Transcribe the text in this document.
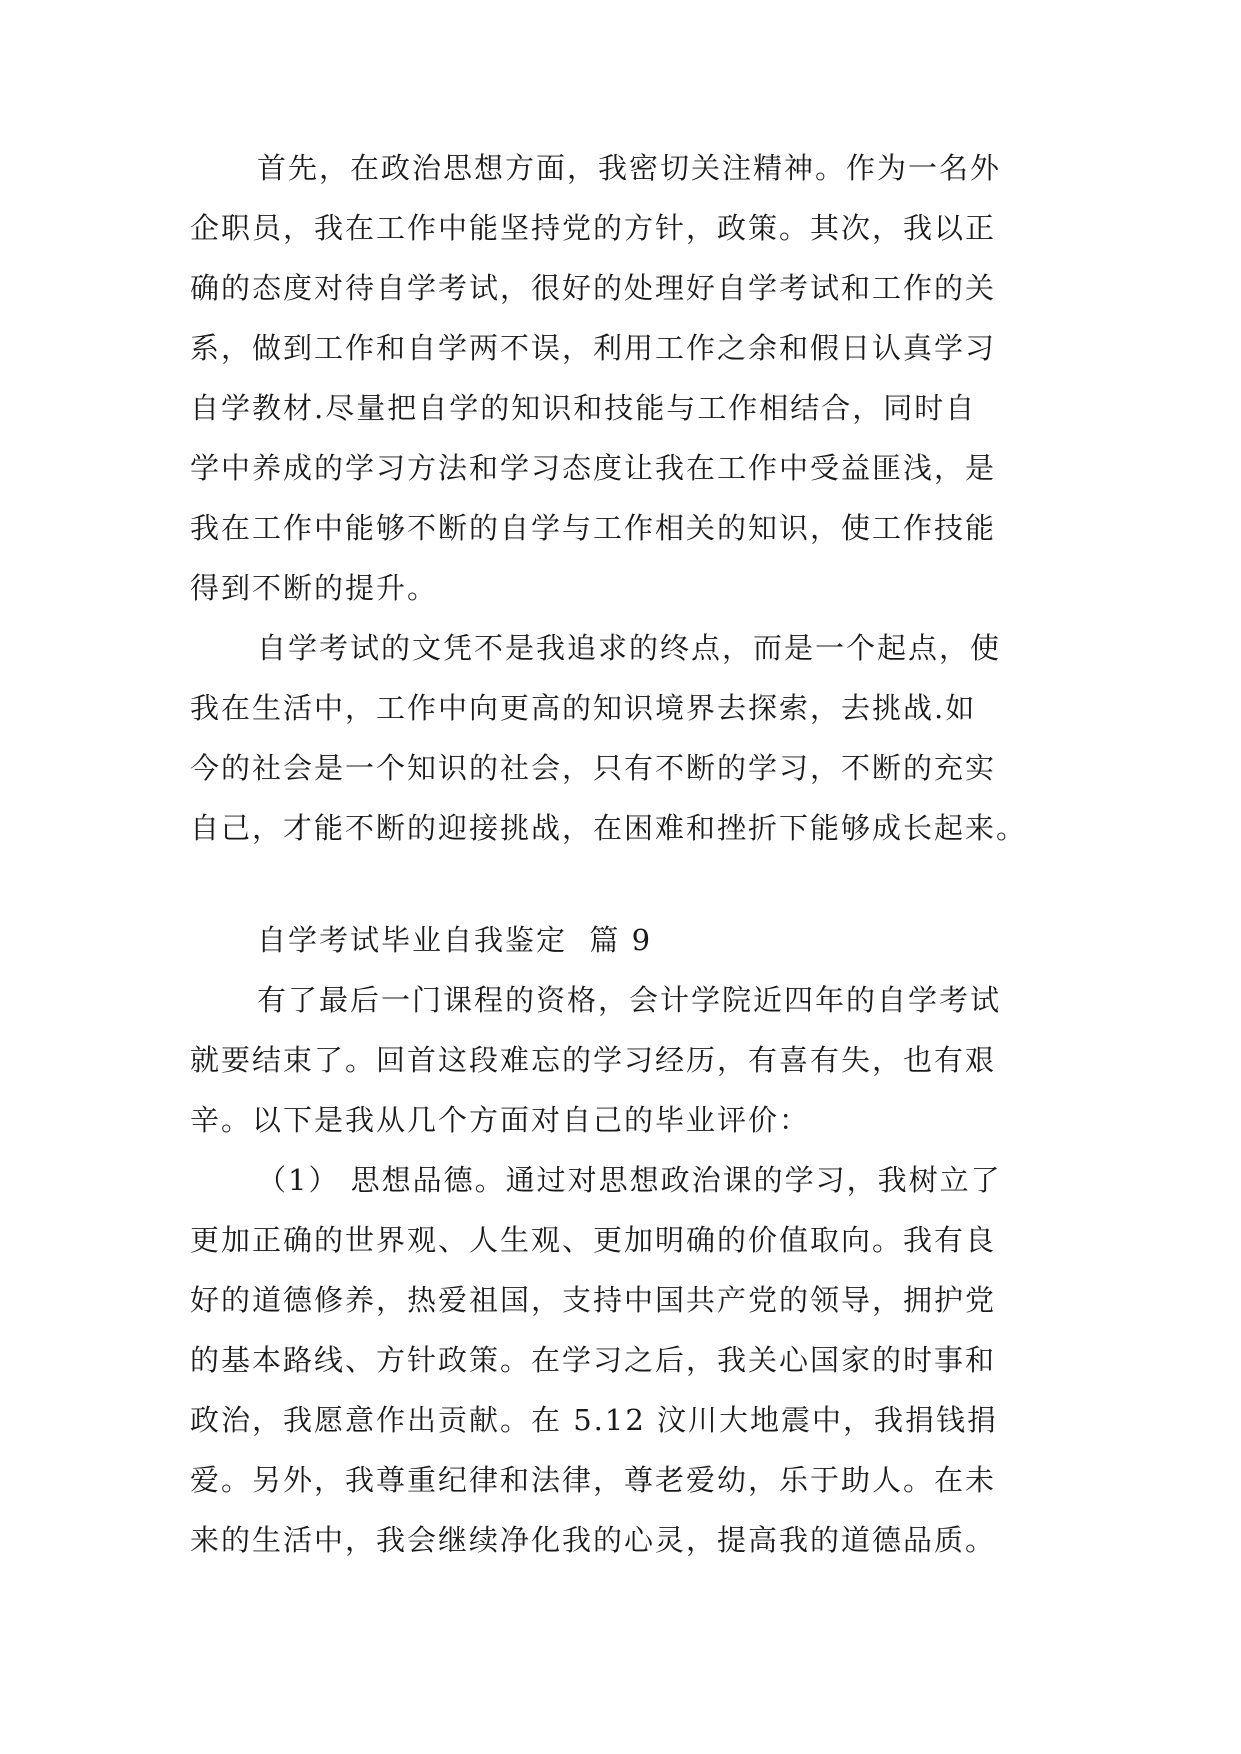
首先，在政治思想方面，我密切关注精神。作为一名外
企职员，我在工作中能坚持党的方针，政策。其次，我以正
确的态度对待自学考试，很好的处理好自学考试和工作的关
系，做到工作和自学两不误，利用工作之余和假日认真学习
自学教材.尽量把自学的知识和技能与工作相结合，同时自
学中养成的学习方法和学习态度让我在工作中受益匪浅，是
我在工作中能够不断的自学与工作相关的知识，使工作技能
得到不断的提升。
自学考试的文凭不是我追求的终点，而是一个起点，使
我在生活中，工作中向更高的知识境界去探索，去挑战.如
今的社会是一个知识的社会，只有不断的学习，不断的充实
自己，才能不断的迎接挑战，在困难和挫折下能够成长起来。
自学考试毕业自我鉴定  篇 9
有了最后一门课程的资格，会计学院近四年的自学考试
就要结束了。回首这段难忘的学习经历，有喜有失，也有艰
辛。以下是我从几个方面对自己的毕业评价：
（1） 思想品德。通过对思想政治课的学习，我树立了
更加正确的世界观、人生观、更加明确的价值取向。我有良
好的道德修养，热爱祖国，支持中国共产党的领导，拥护党
的基本路线、方针政策。在学习之后，我关心国家的时事和
政治，我愿意作出贡献。在 5.12 汶川大地震中，我捐钱捐
爱。另外，我尊重纪律和法律，尊老爱幼，乐于助人。在未
来的生活中，我会继续净化我的心灵，提高我的道德品质。
